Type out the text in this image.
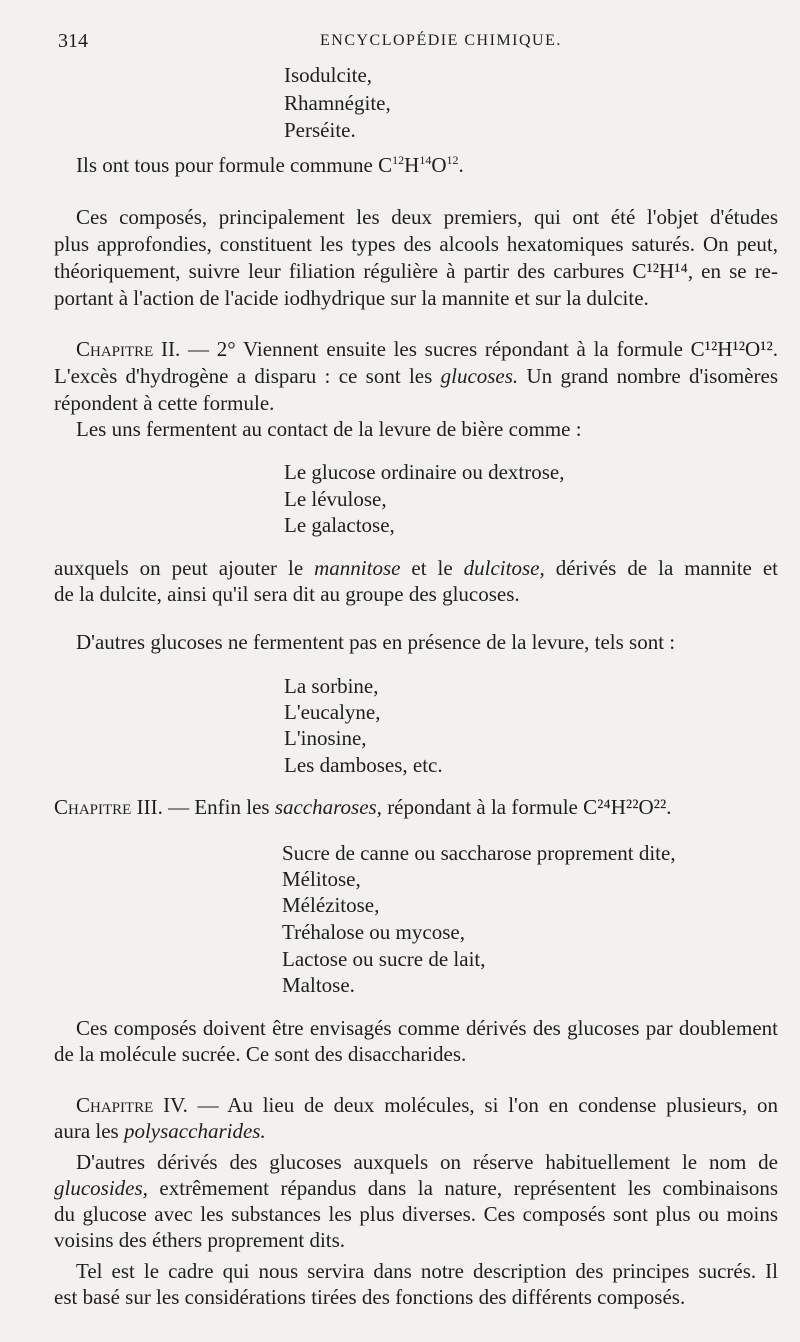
314	ENCYCLOPÉDIE CHIMIQUE.
Isodulcite,
Rhamnégite,
Perséite.
Ils ont tous pour formule commune $C^{12}H^{14}O^{12}$.
Ces composés, principalement les deux premiers, qui ont été l'objet d'études
plus approfondies, constituent les types des alcools hexatomiques saturés. On peut,
théoriquement, suivre leur filiation régulière à partir des carbures C¹²H¹⁴, en se re-
portant à l'action de l'acide iodhydrique sur la mannite et sur la dulcite.
Chapitre II. — 2° Viennent ensuite les sucres répondant à la formule C¹²H¹²O¹².
L'excès d'hydrogène a disparu : ce sont les glucoses. Un grand nombre d'isomères
répondent à cette formule.
Les uns fermentent au contact de la levure de bière comme :
Le glucose ordinaire ou dextrose,
Le lévulose,
Le galactose,
auxquels on peut ajouter le mannitose et le dulcitose, dérivés de la mannite et
de la dulcite, ainsi qu'il sera dit au groupe des glucoses.
D'autres glucoses ne fermentent pas en présence de la levure, tels sont :
La sorbine,
L'eucalyne,
L'inosine,
Les damboses, etc.
Chapitre III. — Enfin les saccharoses, répondant à la formule C²⁴H²²O²².
Sucre de canne ou saccharose proprement dite,
Mélitose,
Mélézitose,
Tréhalose ou mycose,
Lactose ou sucre de lait,
Maltose.
Ces composés doivent être envisagés comme dérivés des glucoses par doublement
de la molécule sucrée. Ce sont des disaccharides.
Chapitre IV. — Au lieu de deux molécules, si l'on en condense plusieurs, on
aura les polysaccharides.
D'autres dérivés des glucoses auxquels on réserve habituellement le nom de
glucosides, extrêmement répandus dans la nature, représentent les combinaisons
du glucose avec les substances les plus diverses. Ces composés sont plus ou moins
voisins des éthers proprement dits.
Tel est le cadre qui nous servira dans notre description des principes sucrés. Il
est basé sur les considérations tirées des fonctions des différents composés.
